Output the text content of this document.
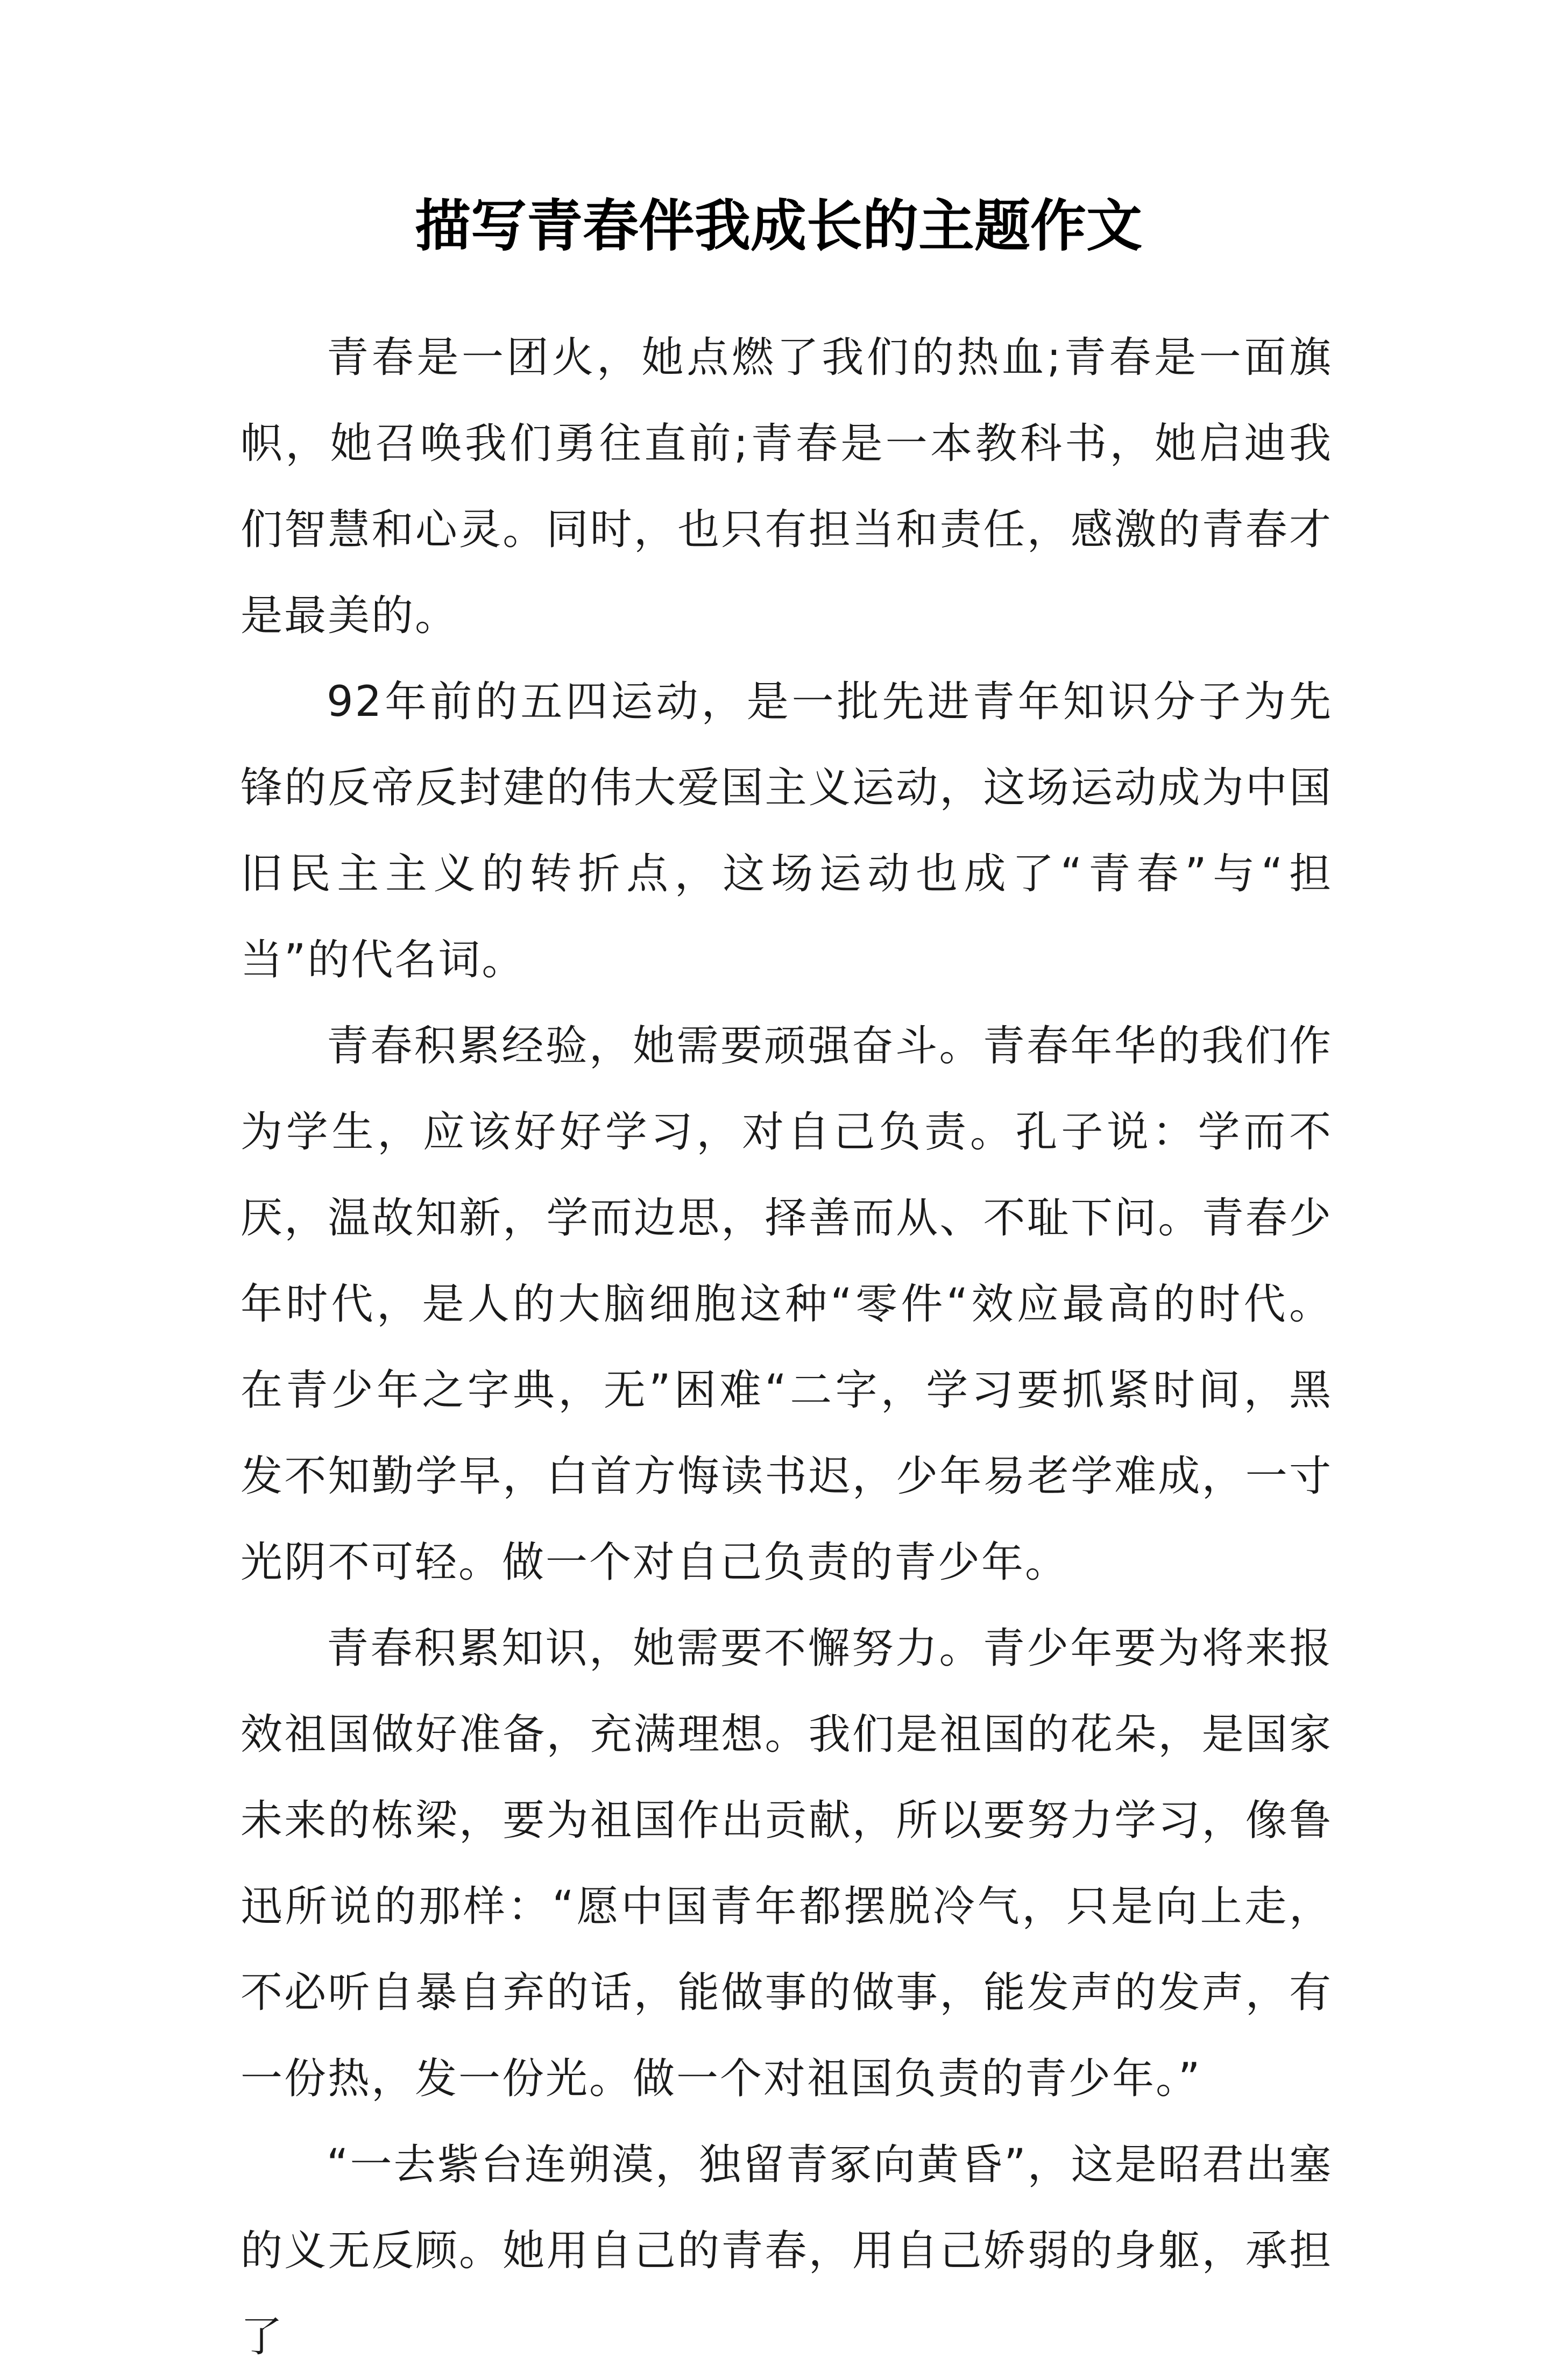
描写青春伴我成长的主题作文

青春是一团火，她点燃了我们的热血;青春是一面旗帜，她召唤我们勇往直前;青春是一本教科书，她启迪我们智慧和心灵。同时，也只有担当和责任，感激的青春才是最美的。

92年前的五四运动，是一批先进青年知识分子为先锋的反帝反封建的伟大爱国主义运动，这场运动成为中国旧民主主义的转折点，这场运动也成了“青春”与“担当”的代名词。

青春积累经验，她需要顽强奋斗。青春年华的我们作为学生，应该好好学习，对自己负责。孔子说：学而不厌，温故知新，学而边思，择善而从、不耻下问。青春少年时代，是人的大脑细胞这种“零件“效应最高的时代。在青少年之字典，无”困难“二字，学习要抓紧时间，黑发不知勤学早，白首方悔读书迟，少年易老学难成，一寸光阴不可轻。做一个对自己负责的青少年。

青春积累知识，她需要不懈努力。青少年要为将来报效祖国做好准备，充满理想。我们是祖国的花朵，是国家未来的栋梁，要为祖国作出贡献，所以要努力学习，像鲁迅所说的那样：“愿中国青年都摆脱冷气，只是向上走，不必听自暴自弃的话，能做事的做事，能发声的发声，有一份热，发一份光。做一个对祖国负责的青少年。”

“一去紫台连朔漠，独留青冢向黄昏”，这是昭君出塞的义无反顾。她用自己的青春，用自己娇弱的身躯，承担了
